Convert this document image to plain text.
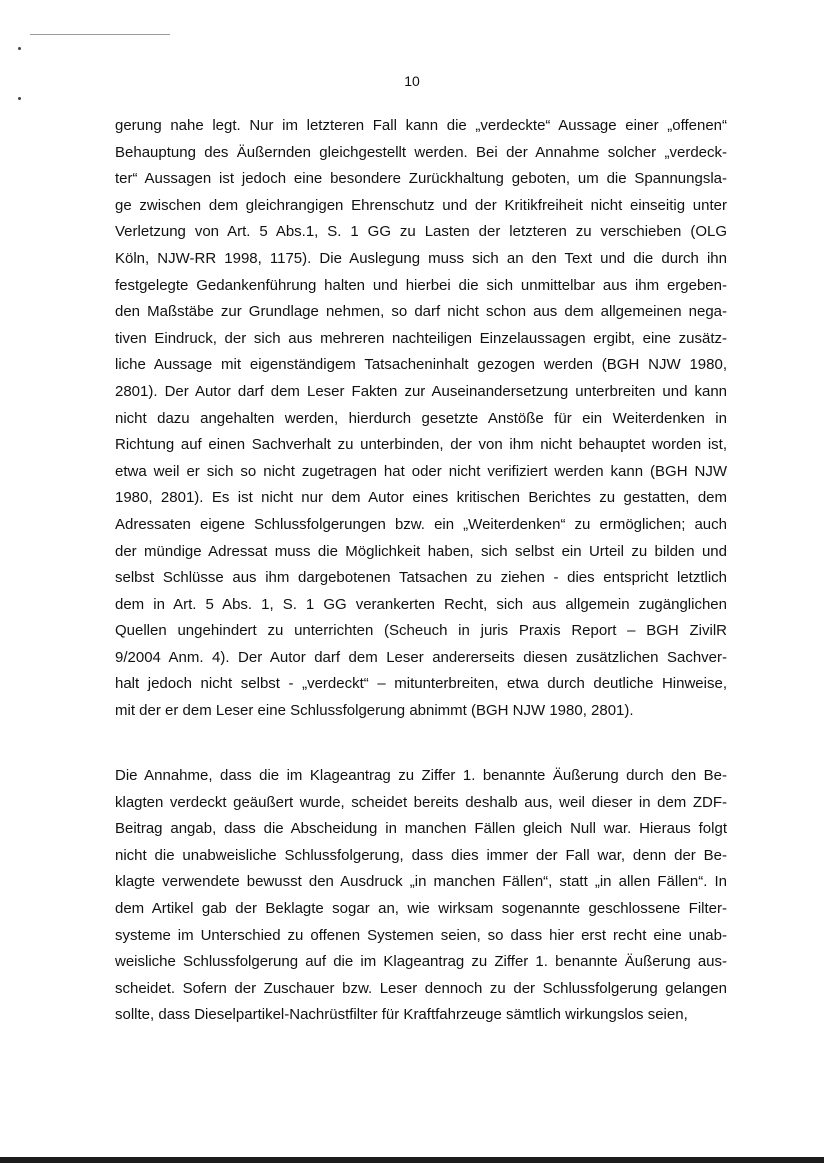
10
gerung nahe legt. Nur im letzteren Fall kann die „verdeckte“ Aussage einer „offenen“
Behauptung des Äußernden gleichgestellt werden. Bei der Annahme solcher „verdeck-
ter“ Aussagen ist jedoch eine besondere Zurückhaltung geboten, um die Spannungsla-
ge zwischen dem gleichrangigen Ehrenschutz und der Kritikfreiheit nicht einseitig unter
Verletzung von Art. 5 Abs.1, S. 1 GG zu Lasten der letzteren zu verschieben (OLG
Köln, NJW-RR 1998, 1175). Die Auslegung muss sich an den Text und die durch ihn
festgelegte Gedankenführung halten und hierbei die sich unmittelbar aus ihm ergeben-
den Maßstäbe zur Grundlage nehmen, so darf nicht schon aus dem allgemeinen nega-
tiven Eindruck, der sich aus mehreren nachteiligen Einzelaussagen ergibt, eine zusätz-
liche Aussage mit eigenständigem Tatsacheninhalt gezogen werden (BGH NJW 1980,
2801). Der Autor darf dem Leser Fakten zur Auseinandersetzung unterbreiten und kann
nicht dazu angehalten werden, hierdurch gesetzte Anstöße für ein Weiterdenken in
Richtung auf einen Sachverhalt zu unterbinden, der von ihm nicht behauptet worden ist,
etwa weil er sich so nicht zugetragen hat oder nicht verifiziert werden kann (BGH NJW
1980, 2801). Es ist nicht nur dem Autor eines kritischen Berichtes zu gestatten, dem
Adressaten eigene Schlussfolgerungen bzw. ein „Weiterdenken“ zu ermöglichen; auch
der mündige Adressat muss die Möglichkeit haben, sich selbst ein Urteil zu bilden und
selbst Schlüsse aus ihm dargebotenen Tatsachen zu ziehen - dies entspricht letztlich
dem in Art. 5 Abs. 1, S. 1 GG verankerten Recht, sich aus allgemein zugänglichen
Quellen ungehindert zu unterrichten (Scheuch in juris Praxis Report – BGH ZivilR
9/2004 Anm. 4). Der Autor darf dem Leser andererseits diesen zusätzlichen Sachver-
halt jedoch nicht selbst - „verdeckt“ – mitunterbreiten, etwa durch deutliche Hinweise,
mit der er dem Leser eine Schlussfolgerung abnimmt (BGH NJW 1980, 2801).
Die Annahme, dass die im Klageantrag zu Ziffer 1. benannte Äußerung durch den Be-
klagten verdeckt geäußert wurde, scheidet bereits deshalb aus, weil dieser in dem ZDF-
Beitrag angab, dass die Abscheidung in manchen Fällen gleich Null war. Hieraus folgt
nicht die unabweisliche Schlussfolgerung, dass dies immer der Fall war, denn der Be-
klagte verwendete bewusst den Ausdruck „in manchen Fällen“, statt „in allen Fällen“. In
dem Artikel gab der Beklagte sogar an, wie wirksam sogenannte geschlossene Filter-
systeme im Unterschied zu offenen Systemen seien, so dass hier erst recht eine unab-
weisliche Schlussfolgerung auf die im Klageantrag zu Ziffer 1. benannte Äußerung aus-
scheidet. Sofern der Zuschauer bzw. Leser dennoch zu der Schlussfolgerung gelangen
sollte, dass Dieselpartikel-Nachrüstfilter für Kraftfahrzeuge sämtlich wirkungslos seien,
